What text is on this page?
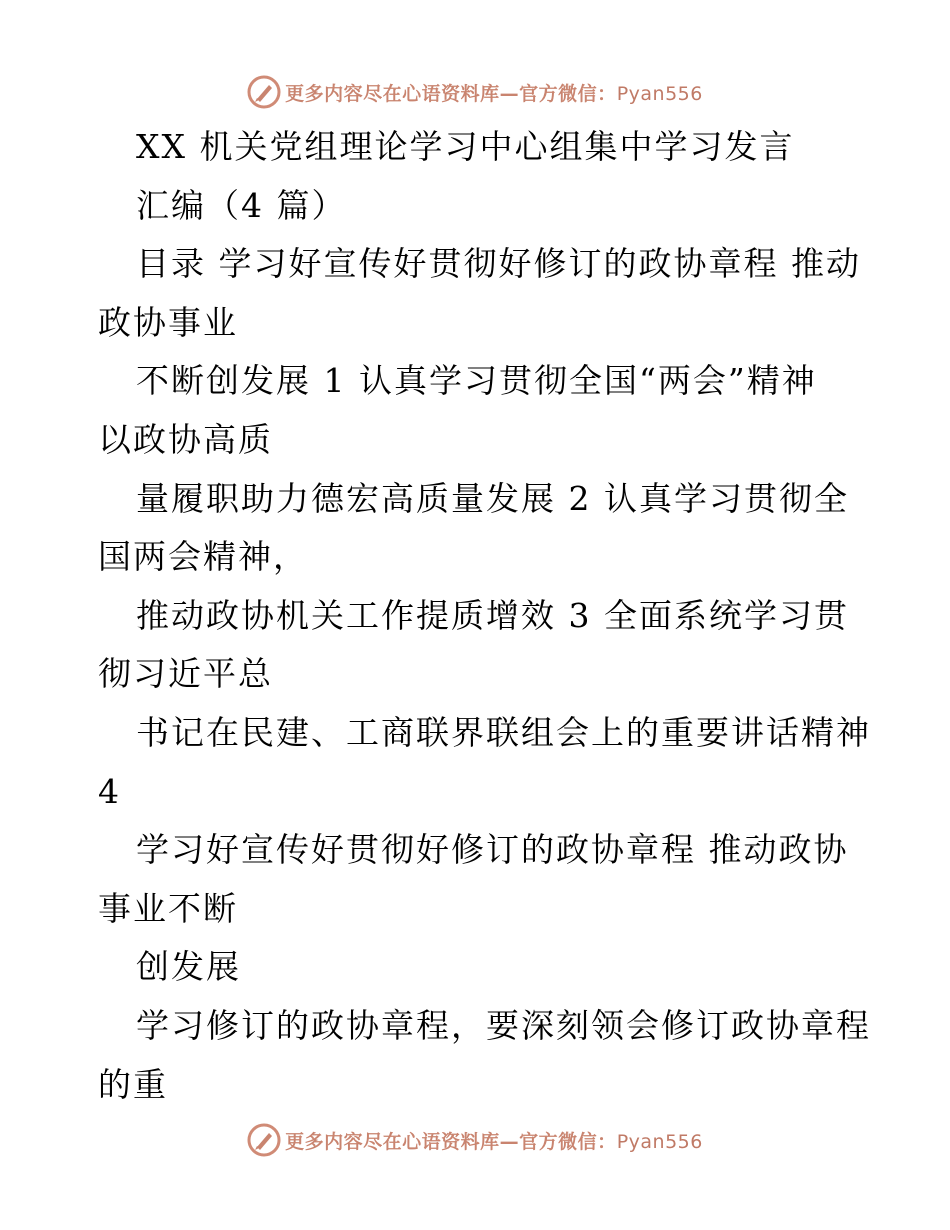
更多内容尽在心语资料库—官方微信：Pyan556
XX 机关党组理论学习中心组集中学习发言
汇编（4 篇）
目录 学习好宣传好贯彻好修订的政协章程 推动
政协事业
不断创发展 1 认真学习贯彻全国“两会”精神
以政协高质
量履职助力德宏高质量发展 2 认真学习贯彻全
国两会精神，
推动政协机关工作提质增效 3 全面系统学习贯
彻习近平总
书记在民建、工商联界联组会上的重要讲话精神
4
学习好宣传好贯彻好修订的政协章程 推动政协
事业不断
创发展
学习修订的政协章程，要深刻领会修订政协章程
的重
更多内容尽在心语资料库—官方微信：Pyan556
